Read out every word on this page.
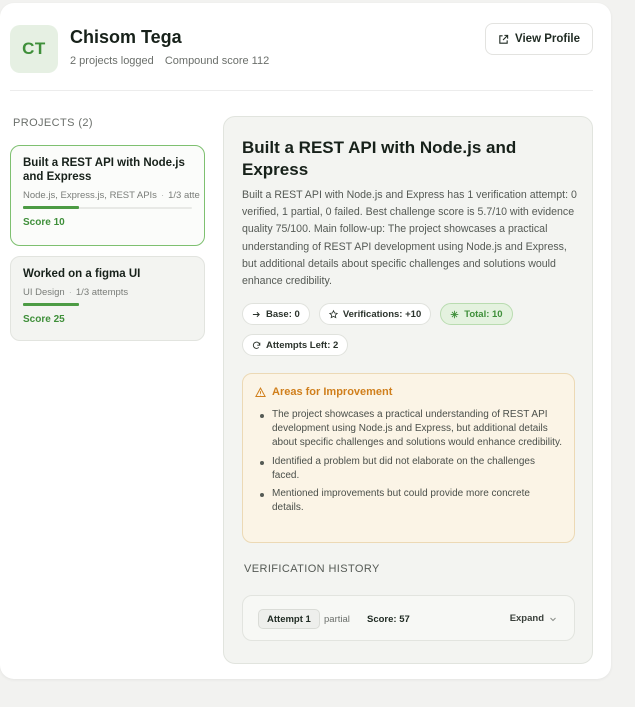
CT
Chisom Tega
2 projects logged Compound score 112
View Profile
PROJECTS (2)
Built a REST API with Node.js and Express
Node.js, Express.js, REST APIs · 1/3 atte
Score 10
Worked on a figma UI
UI Design · 1/3 attempts
Score 25
Built a REST API with Node.js and Express
Built a REST API with Node.js and Express has 1 verification attempt: 0 verified, 1 partial, 0 failed. Best challenge score is 5.7/10 with evidence quality 75/100. Main follow-up: The project showcases a practical understanding of REST API development using Node.js and Express, but additional details about specific challenges and solutions would enhance credibility.
Base: 0	Verifications: +10	Total: 10
Attempts Left: 2
Areas for Improvement
The project showcases a practical understanding of REST API development using Node.js and Express, but additional details about specific challenges and solutions would enhance credibility.
Identified a problem but did not elaborate on the challenges faced.
Mentioned improvements but could provide more concrete details.
VERIFICATION HISTORY
Attempt 1	partial Score: 57	Expand
